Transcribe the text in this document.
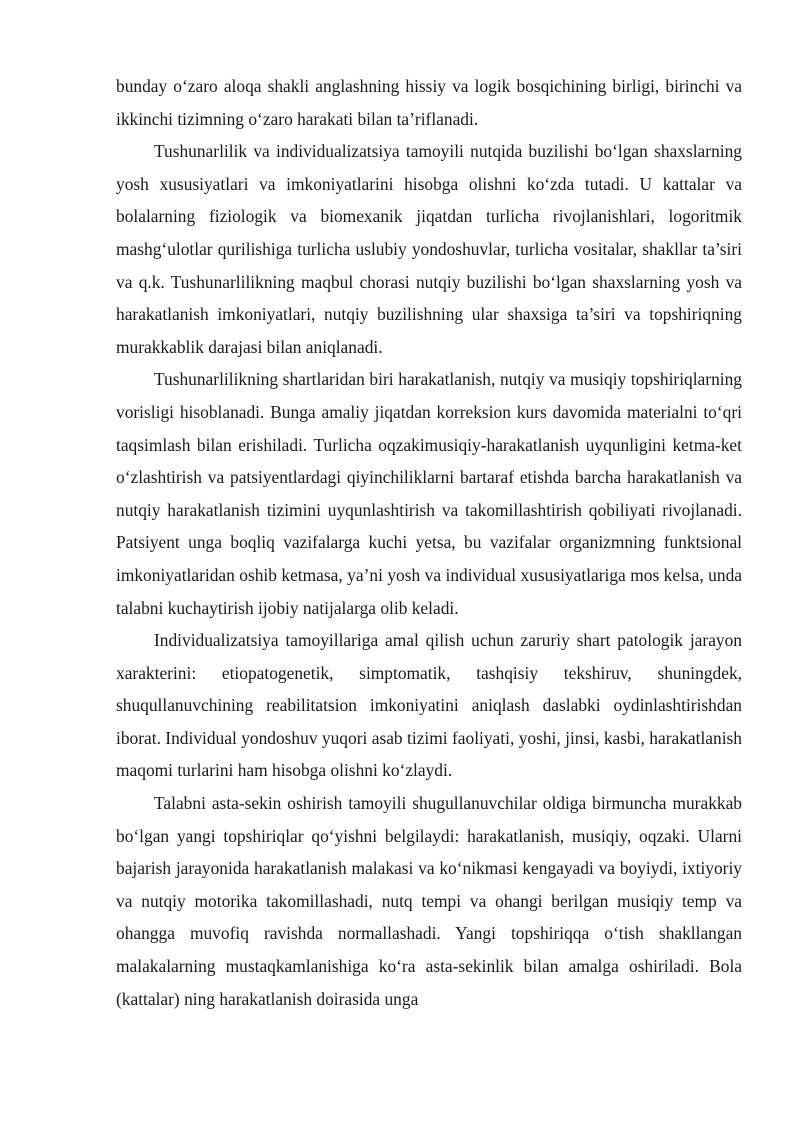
bunday o‘zaro aloqa shakli anglashning hissiy va logik bosqichining birligi, birinchi va ikkinchi tizimning o‘zaro harakati bilan ta’riflanadi.

Tushunarlilik va individualizatsiya tamoyili nutqida buzilishi bo‘lgan shaxslarning yosh xususiyatlari va imkoniyatlarini hisobga olishni ko‘zda tutadi. U kattalar va bolalarning fiziologik va biomexanik jiqatdan turlicha rivojlanishlari, logoritmik mashg‘ulotlar qurilishiga turlicha uslubiy yondoshuvlar, turlicha vositalar, shakllar ta’siri va q.k. Tushunarlilikning maqbul chorasi nutqiy buzilishi bo‘lgan shaxslarning yosh va harakatlanish imkoniyatlari, nutqiy buzilishning ular shaxsiga ta’siri va topshiriqning murakkablik darajasi bilan aniqlanadi.

Tushunarlilikning shartlaridan biri harakatlanish, nutqiy va musiqiy topshiriqlarning vorisligi hisoblanadi. Bunga amaliy jiqatdan korreksion kurs davomida materialni to‘qri taqsimlash bilan erishiladi. Turlicha oqzakimusiqiy-harakatlanish uyqunligini ketma-ket o‘zlashtirish va patsiyentlardagi qiyinchiliklarni bartaraf etishda barcha harakatlanish va nutqiy harakatlanish tizimini uyqunlashtirish va takomillashtirish qobiliyati rivojlanadi. Patsiyent unga boqliq vazifalarga kuchi yetsa, bu vazifalar organizmning funktsional imkoniyatlaridan oshib ketmasa, ya’ni yosh va individual xususiyatlariga mos kelsa, unda talabni kuchaytirish ijobiy natijalarga olib keladi.

Individualizatsiya tamoyillariga amal qilish uchun zaruriy shart patologik jarayon xarakterini: etiopatogenetik, simptomatik, tashqisiy tekshiruv, shuningdek, shuqullanuvchining reabilitatsion imkoniyatini aniqlash daslabki oydinlashtirishdan iborat. Individual yondoshuv yuqori asab tizimi faoliyati, yoshi, jinsi, kasbi, harakatlanish maqomi turlarini ham hisobga olishni ko‘zlaydi.

Talabni asta-sekin oshirish tamoyili shugullanuvchilar oldiga birmuncha murakkab bo‘lgan yangi topshiriqlar qo‘yishni belgilaydi: harakatlanish, musiqiy, oqzaki. Ularni bajarish jarayonida harakatlanish malakasi va ko‘nikmasi kengayadi va boyiydi, ixtiyoriy va nutqiy motorika takomillashadi, nutq tempi va ohangi berilgan musiqiy temp va ohangga muvofiq ravishda normallashadi. Yangi topshiriqqa o‘tish shakllangan malakalarning mustaqkamlanishiga ko‘ra asta-sekinlik bilan amalga oshiriladi. Bola (kattalar) ning harakatlanish doirasida unga
